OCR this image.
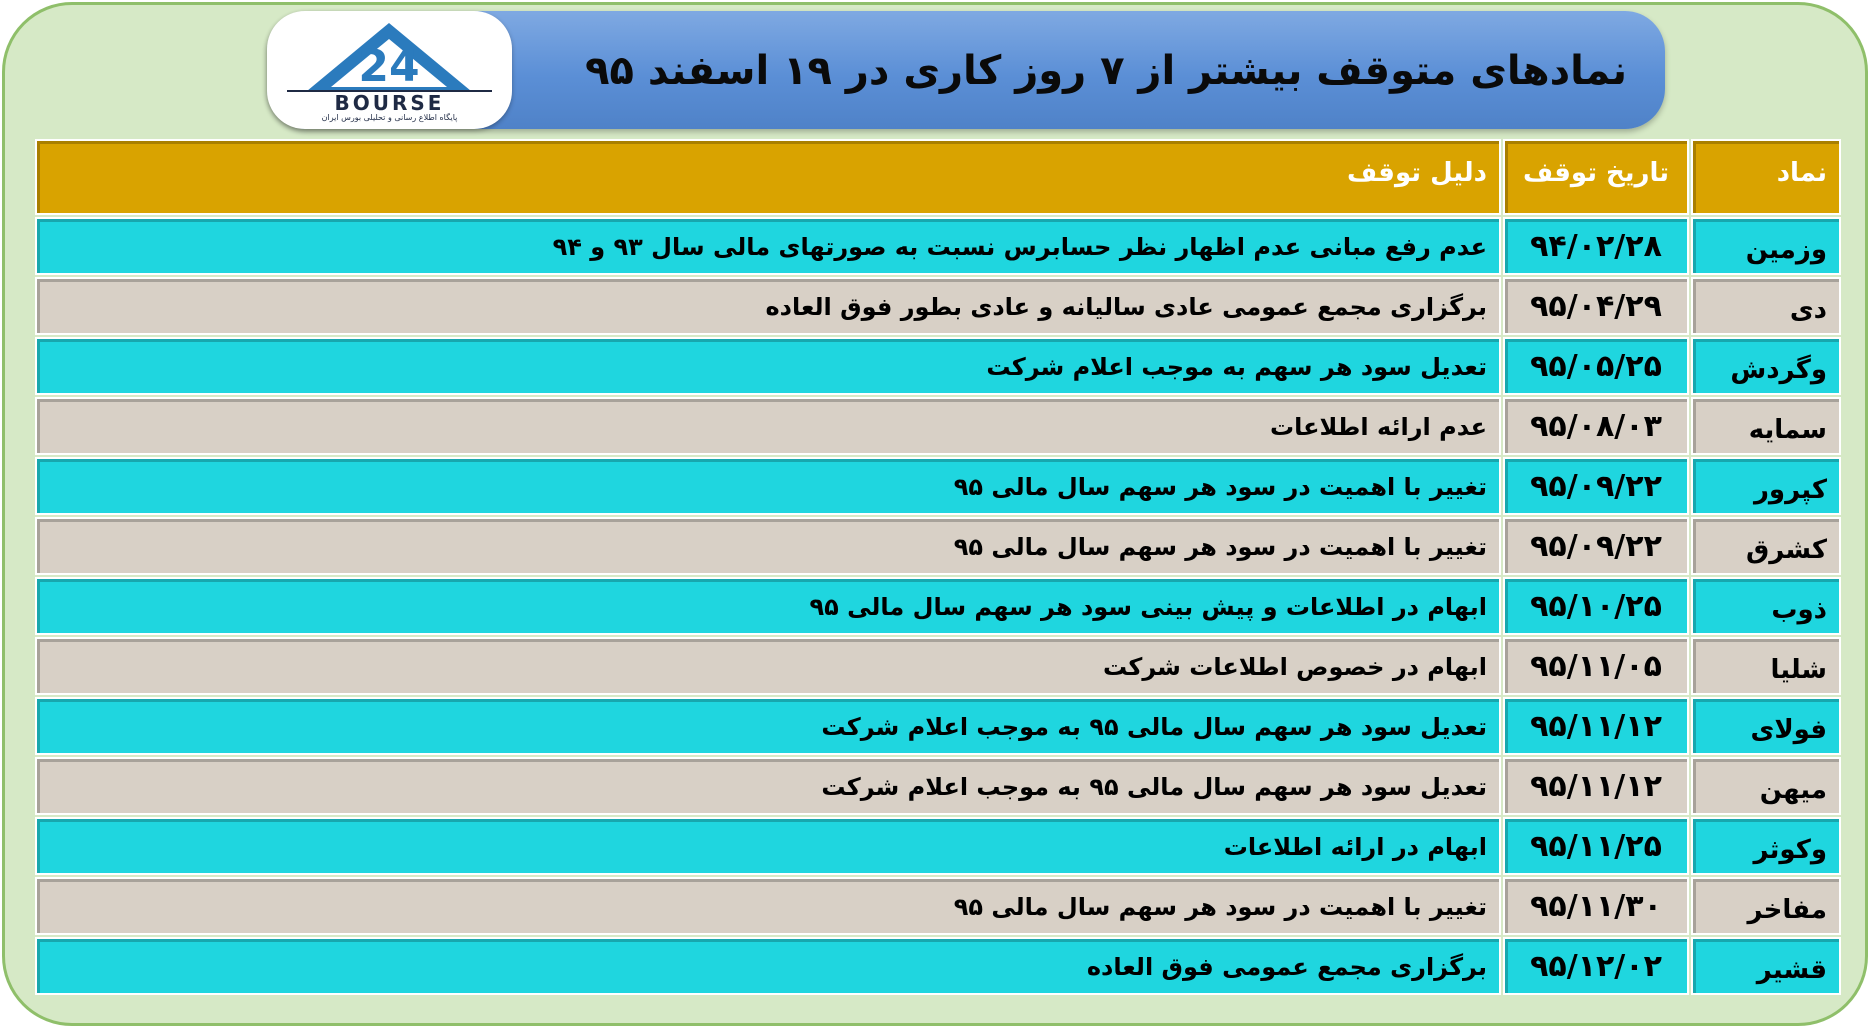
نمادهای متوقف بیشتر از ۷ روز کاری در ۱۹ اسفند ۹۵
24
BOURSE
پایگاه اطلاع رسانی و تحلیلی بورس ایران
دلیل توقف	تاریخ توقف	نماد
عدم رفع مبانی عدم اظهار نظر حسابرس نسبت به صورتهای مالی سال ۹۳ و ۹۴	۹۴/۰۲/۲۸	وزمین
برگزاری مجمع عمومی عادی سالیانه و عادی بطور فوق العاده	۹۵/۰۴/۲۹	دی
تعدیل سود هر سهم به موجب اعلام شرکت	۹۵/۰۵/۲۵	وگردش
عدم ارائه اطلاعات	۹۵/۰۸/۰۳	سمایه
تغییر با اهمیت در سود هر سهم سال مالی ۹۵	۹۵/۰۹/۲۲	کپرور
تغییر با اهمیت در سود هر سهم سال مالی ۹۵	۹۵/۰۹/۲۲	کشرق
ابهام در اطلاعات و پیش بینی سود هر سهم سال مالی ۹۵	۹۵/۱۰/۲۵	ذوب
ابهام در خصوص اطلاعات شرکت	۹۵/۱۱/۰۵	شلیا
تعدیل سود هر سهم سال مالی ۹۵ به موجب اعلام شرکت	۹۵/۱۱/۱۲	فولای
تعدیل سود هر سهم سال مالی ۹۵ به موجب اعلام شرکت	۹۵/۱۱/۱۲	میهن
ابهام در ارائه اطلاعات	۹۵/۱۱/۲۵	وکوثر
تغییر با اهمیت در سود هر سهم سال مالی ۹۵	۹۵/۱۱/۳۰	مفاخر
برگزاری مجمع عمومی فوق العاده	۹۵/۱۲/۰۲	قشیر
